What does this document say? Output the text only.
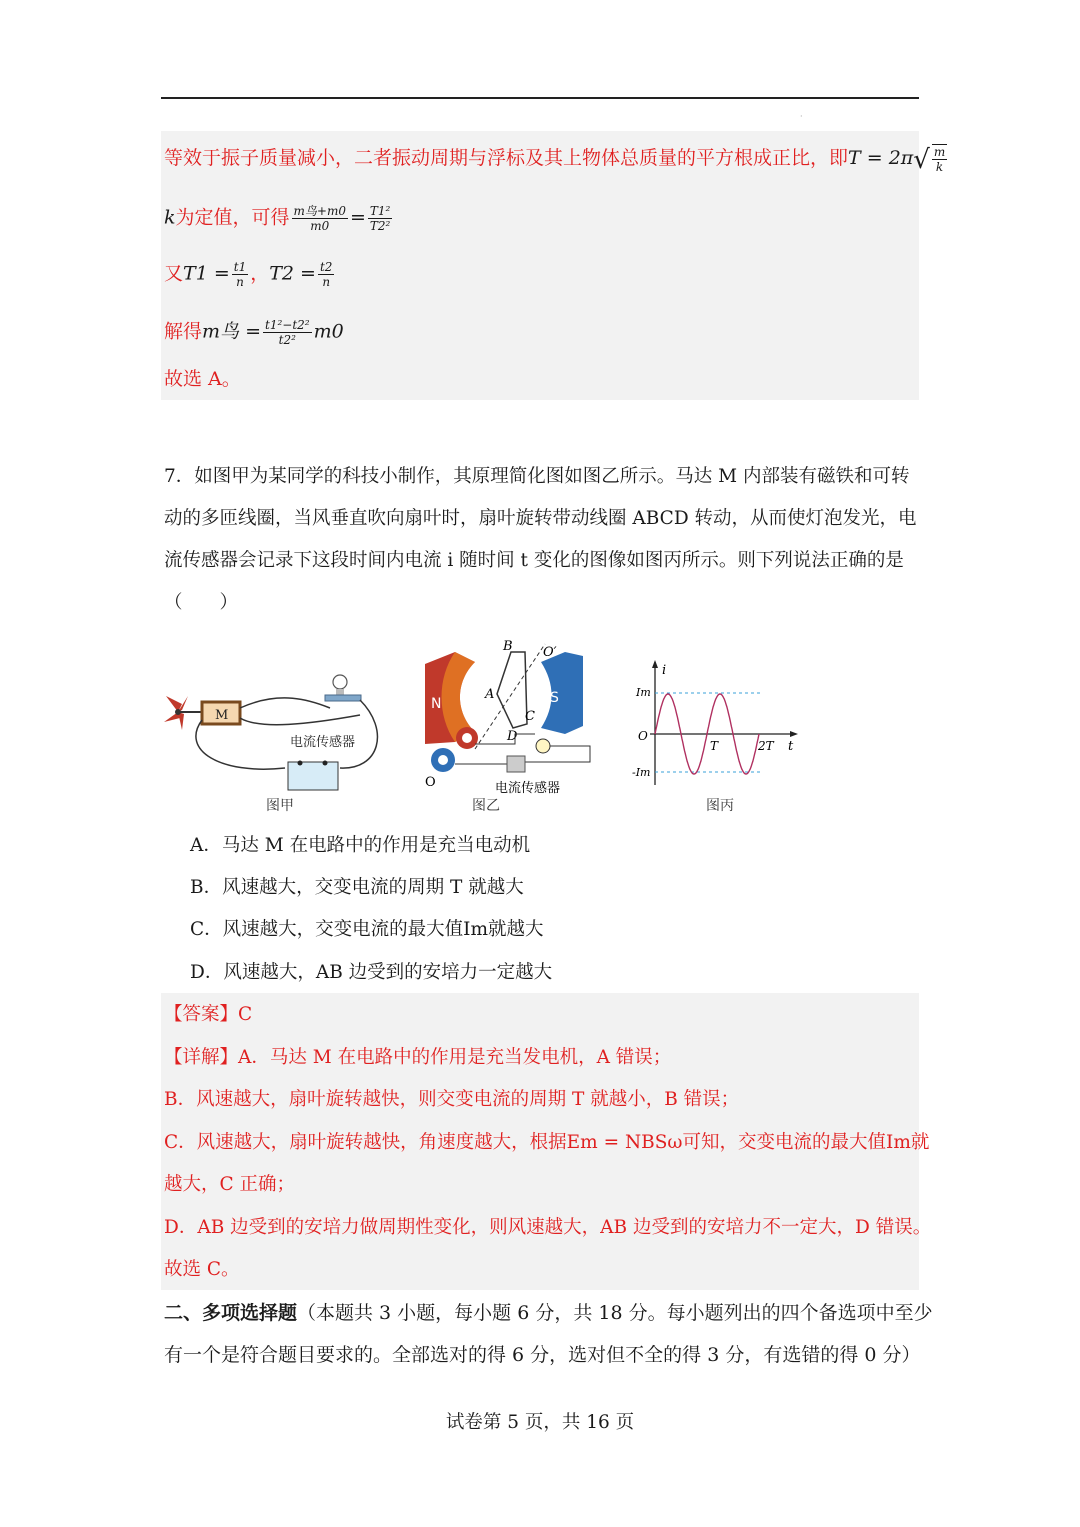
·
等效于振子质量减小，二者振动周期与浮标及其上物体总质量的平方根成正比，即$T = 2\pi√ \frac{m}{k}$
k为定值，可得 $\frac{\text{m鸟+m0}}{m0} = \frac{\text{T1²}}{\text{T2²}}$
又$T1 = \frac{t1}{n}$ ，$T2 = \frac{t2}{n}$
解得m鸟 = $\frac{\text{t1²−t2²}}{\text{t2²}} m0$
故选 A。
7．如图甲为某同学的科技小制作，其原理简化图如图乙所示。马达 M 内部装有磁铁和可转动的多匝线圈，当风垂直吹向扇叶时，扇叶旋转带动线圈 ABCD 转动，从而使灯泡发光，电流传感器会记录下这段时间内电流 i 随时间 t 变化的图像如图丙所示。则下列说法正确的是（　　）
M
电流传感器
图甲
N	S
B
A
C
D
O′
O	电流传感器
图乙
i
t
Im
-Im
O
T	2T
图丙
A．马达 M 在电路中的作用是充当电动机
B．风速越大，交变电流的周期 T 就越大
C．风速越大，交变电流的最大值Im就越大
D．风速越大，AB 边受到的安培力一定越大
【答案】C
【详解】A．马达 M 在电路中的作用是充当发电机，A 错误；
B．风速越大，扇叶旋转越快，则交变电流的周期 T 就越小，B 错误；
C．风速越大，扇叶旋转越快，角速度越大，根据Em = NBSω可知，交变电流的最大值Im就
越大，C 正确；
D．AB 边受到的安培力做周期性变化，则风速越大，AB 边受到的安培力不一定大，D 错误。
故选 C。
二、多项选择题（本题共 3 小题，每小题 6 分，共 18 分。每小题列出的四个备选项中至少
有一个是符合题目要求的。全部选对的得 6 分，选对但不全的得 3 分，有选错的得 0 分）
试卷第 5 页，共 16 页
